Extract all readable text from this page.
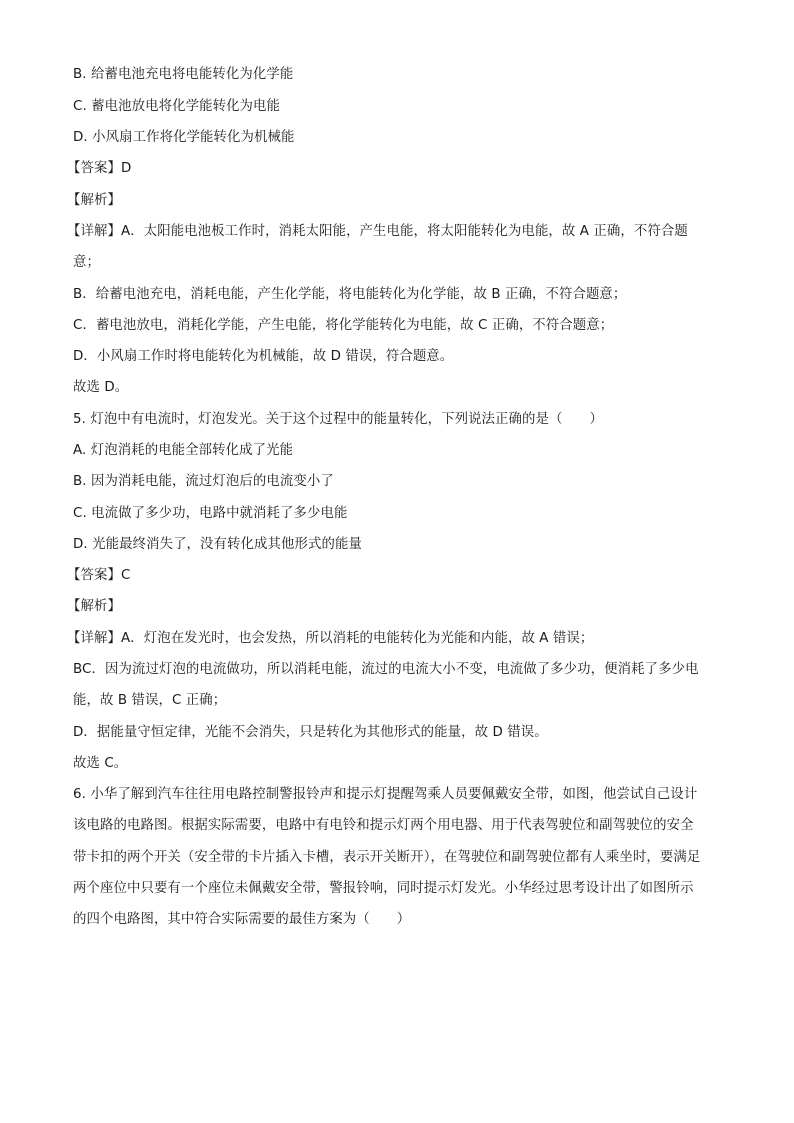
B. 给蓄电池充电将电能转化为化学能
C. 蓄电池放电将化学能转化为电能
D. 小风扇工作将化学能转化为机械能
【答案】D
【解析】
【详解】A．太阳能电池板工作时，消耗太阳能，产生电能，将太阳能转化为电能，故 A 正确，不符合题
意；
B．给蓄电池充电，消耗电能，产生化学能，将电能转化为化学能，故 B 正确，不符合题意；
C．蓄电池放电，消耗化学能，产生电能，将化学能转化为电能，故 C 正确，不符合题意；
D．小风扇工作时将电能转化为机械能，故 D 错误，符合题意。
故选 D。
5. 灯泡中有电流时，灯泡发光。关于这个过程中的能量转化，下列说法正确的是（　　）
A. 灯泡消耗的电能全部转化成了光能
B. 因为消耗电能，流过灯泡后的电流变小了
C. 电流做了多少功，电路中就消耗了多少电能
D. 光能最终消失了，没有转化成其他形式的能量
【答案】C
【解析】
【详解】A．灯泡在发光时，也会发热，所以消耗的电能转化为光能和内能，故 A 错误；
BC．因为流过灯泡的电流做功，所以消耗电能，流过的电流大小不变，电流做了多少功，便消耗了多少电
能，故 B 错误，C 正确；
D．据能量守恒定律，光能不会消失，只是转化为其他形式的能量，故 D 错误。
故选 C。
6. 小华了解到汽车往往用电路控制警报铃声和提示灯提醒驾乘人员要佩戴安全带，如图，他尝试自己设计
该电路的电路图。根据实际需要，电路中有电铃和提示灯两个用电器、用于代表驾驶位和副驾驶位的安全
带卡扣的两个开关（安全带的卡片插入卡槽，表示开关断开），在驾驶位和副驾驶位都有人乘坐时，要满足
两个座位中只要有一个座位未佩戴安全带，警报铃响，同时提示灯发光。小华经过思考设计出了如图所示
的四个电路图，其中符合实际需要的最佳方案为（　　）
